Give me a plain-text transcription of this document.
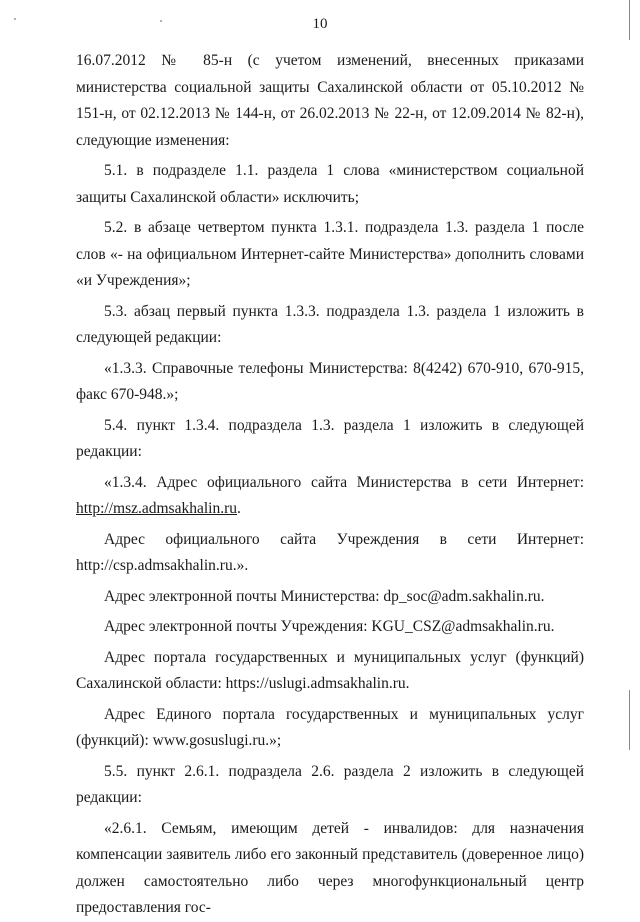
10

16.07.2012 № 85-н (с учетом изменений, внесенных приказами министерства социальной защиты Сахалинской области от 05.10.2012 № 151-н, от 02.12.2013 № 144-н, от 26.02.2013 № 22-н, от 12.09.2014 № 82-н), следующие изменения:

5.1. в подразделе 1.1. раздела 1 слова «министерством социальной защиты Сахалинской области» исключить;

5.2. в абзаце четвертом пункта 1.3.1. подраздела 1.3. раздела 1 после слов «- на официальном Интернет-сайте Министерства» дополнить словами «и Учреждения»;

5.3. абзац первый пункта 1.3.3. подраздела 1.3. раздела 1 изложить в следующей редакции:

«1.3.3. Справочные телефоны Министерства: 8(4242) 670-910, 670-915, факс 670-948.»;

5.4. пункт 1.3.4. подраздела 1.3. раздела 1 изложить в следующей редакции:

«1.3.4. Адрес официального сайта Министерства в сети Интернет: http://msz.admsakhalin.ru.

Адрес официального сайта Учреждения в сети Интернет:

http://csp.admsakhalin.ru.».

Адрес электронной почты Министерства: dp_soc@adm.sakhalin.ru.

Адрес электронной почты Учреждения: KGU_CSZ@admsakhalin.ru.

Адрес портала государственных и муниципальных услуг (функций) Сахалинской области: https://uslugi.admsakhalin.ru.

Адрес Единого портала государственных и муниципальных услуг (функций): www.gosuslugi.ru.»;

5.5. пункт 2.6.1. подраздела 2.6. раздела 2 изложить в следующей редакции:

«2.6.1. Семьям, имеющим детей - инвалидов: для назначения компенсации заявитель либо его законный представитель (доверенное лицо) должен самостоятельно либо через многофункциональный центр предоставления гос-
